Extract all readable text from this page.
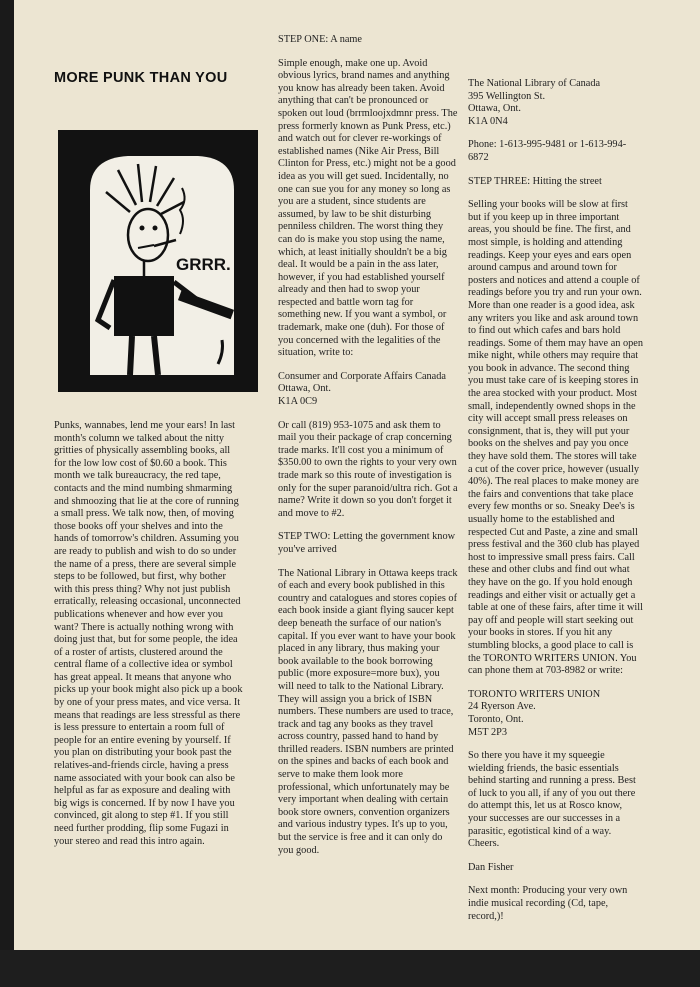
MORE PUNK THAN YOU
GRRR.

Punks, wannabes, lend me your ears! In last month's column we talked about the nitty gritties of physically assembling books, all for the low low cost of $0.60 a book. This month we talk bureaucracy, the red tape, contacts and the mind numbing shmarming and shmoozing that lie at the core of running a small press. We talk now, then, of moving those books off your shelves and into the hands of tomorrow's children. Assuming you are ready to publish and wish to do so under the name of a press, there are several simple steps to be followed, but first, why bother with this press thing? Why not just publish erratically, releasing occasional, unconnected publications whenever and how ever you want? There is actually nothing wrong with doing just that, but for some people, the idea of a roster of artists, clustered around the central flame of a collective idea or symbol has great appeal. It means that anyone who picks up your book might also pick up a book by one of your press mates, and vice versa. It means that readings are less stressful as there is less pressure to entertain a room full of people for an entire evening by yourself. If you plan on distributing your book past the relatives-and-friends circle, having a press name associated with your book can also be helpful as far as exposure and dealing with big wigs is concerned. If by now I have you convinced, git along to step #1. If you still need further prodding, flip some Fugazi in your stereo and read this intro again.

STEP ONE: A name

Simple enough, make one up. Avoid obvious lyrics, brand names and anything you know has already been taken. Avoid anything that can't be pronounced or spoken out loud (brrmloojxdmnr press. The press formerly known as Punk Press, etc.) and watch out for clever re-workings of established names (Nike Air Press, Bill Clinton for Press, etc.) might not be a good idea as you will get sued. Incidentally, no one can sue you for any money so long as you are a student, since students are assumed, by law to be shit disturbing penniless children. The worst thing they can do is make you stop using the name, which, at least initially shouldn't be a big deal. It would be a pain in the ass later, however, if you had established yourself already and then had to swop your respected and battle worn tag for something new. If you want a symbol, or trademark, make one (duh). For those of you concerned with the legalities of the situation, write to:

Consumer and Corporate Affairs Canada

Ottawa, Ont.

K1A 0C9

Or call (819) 953-1075 and ask them to mail you their package of crap concerning trade marks. It'll cost you a minimum of $350.00 to own the rights to your very own trade mark so this route of investigation is only for the super paranoid/ultra rich. Got a name? Write it down so you don't forget it and move to #2.

STEP TWO: Letting the government know you've arrived

The National Library in Ottawa keeps track of each and every book published in this country and catalogues and stores copies of each book inside a giant flying saucer kept deep beneath the surface of our nation's capital. If you ever want to have your book placed in any library, thus making your book available to the book borrowing public (more exposure=more bux), you will need to talk to the National Library. They will assign you a brick of ISBN numbers. These numbers are used to trace, track and tag any books as they travel across country, passed hand to hand by thrilled readers. ISBN numbers are printed on the spines and backs of each book and serve to make them look more professional, which unfortunately may be very important when dealing with certain book store owners, convention organizers and various industry types. It's up to you, but the service is free and it can only do you good.

The National Library of Canada

395 Wellington St.

Ottawa, Ont.

K1A 0N4

Phone: 1-613-995-9481 or 1-613-994-6872

STEP THREE: Hitting the street

Selling your books will be slow at first but if you keep up in three important areas, you should be fine. The first, and most simple, is holding and attending readings. Keep your eyes and ears open around campus and around town for posters and notices and attend a couple of readings before you try and run your own. More than one reader is a good idea, ask any writers you like and ask around town to find out which cafes and bars hold readings. Some of them may have an open mike night, while others may require that you book in advance. The second thing you must take care of is keeping stores in the area stocked with your product. Most small, independently owned shops in the city will accept small press releases on consignment, that is, they will put your books on the shelves and pay you once they have sold them. The stores will take a cut of the cover price, however (usually 40%). The real places to make money are the fairs and conventions that take place every few months or so. Sneaky Dee's is usually home to the established and respected Cut and Paste, a zine and small press festival and the 360 club has played host to impressive small press fairs. Call these and other clubs and find out what they have on the go. If you hold enough readings and either visit or actually get a table at one of these fairs, after time it will pay off and people will start seeking out your books in stores. If you hit any stumbling blocks, a good place to call is the TORONTO WRITERS UNION. You can phone them at 703-8982 or write:

TORONTO WRITERS UNION

24 Ryerson Ave.

Toronto, Ont.

M5T 2P3

So there you have it my squeegie wielding friends, the basic essentials behind starting and running a press. Best of luck to you all, if any of you out there do attempt this, let us at Rosco know, your successes are our successes in a parasitic, egotistical kind of a way. Cheers.

Dan Fisher

Next month: Producing your very own indie musical recording (Cd, tape, record,)!
